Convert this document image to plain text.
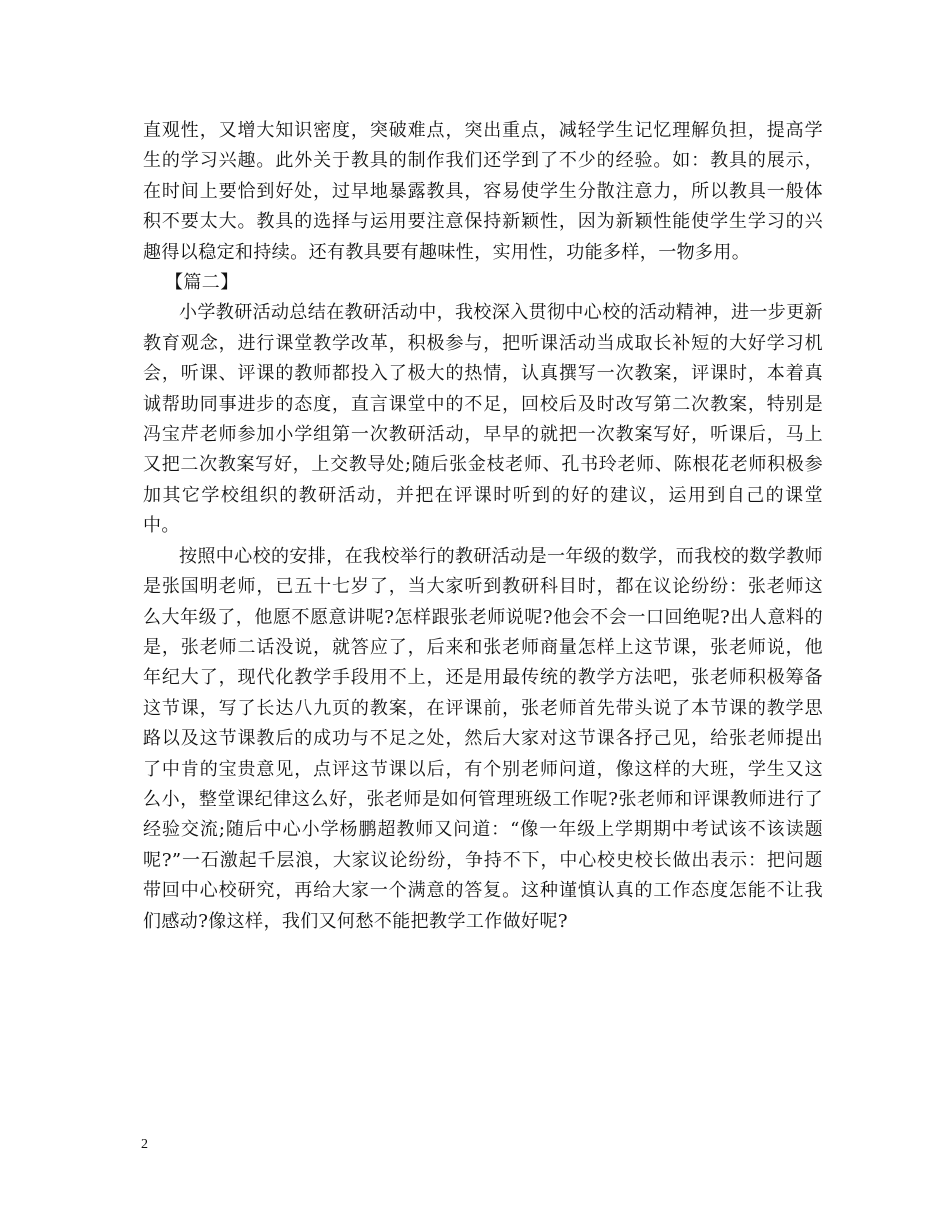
直观性，又增大知识密度，突破难点，突出重点，减轻学生记忆理解负担，提高学生的学习兴趣。此外关于教具的制作我们还学到了不少的经验。如：教具的展示，在时间上要恰到好处，过早地暴露教具，容易使学生分散注意力，所以教具一般体积不要太大。教具的选择与运用要注意保持新颖性，因为新颖性能使学生学习的兴趣得以稳定和持续。还有教具要有趣味性，实用性，功能多样，一物多用。

【篇二】

小学教研活动总结在教研活动中，我校深入贯彻中心校的活动精神，进一步更新教育观念，进行课堂教学改革，积极参与，把听课活动当成取长补短的大好学习机会，听课、评课的教师都投入了极大的热情，认真撰写一次教案，评课时，本着真诚帮助同事进步的态度，直言课堂中的不足，回校后及时改写第二次教案，特别是冯宝芹老师参加小学组第一次教研活动，早早的就把一次教案写好，听课后，马上又把二次教案写好，上交教导处;随后张金枝老师、孔书玲老师、陈根花老师积极参加其它学校组织的教研活动，并把在评课时听到的好的建议，运用到自己的课堂中。

按照中心校的安排，在我校举行的教研活动是一年级的数学，而我校的数学教师是张国明老师，已五十七岁了，当大家听到教研科目时，都在议论纷纷：张老师这么大年级了，他愿不愿意讲呢?怎样跟张老师说呢?他会不会一口回绝呢?出人意料的是，张老师二话没说，就答应了，后来和张老师商量怎样上这节课，张老师说，他年纪大了，现代化教学手段用不上，还是用最传统的教学方法吧，张老师积极筹备这节课，写了长达八九页的教案，在评课前，张老师首先带头说了本节课的教学思路以及这节课教后的成功与不足之处，然后大家对这节课各抒己见，给张老师提出了中肯的宝贵意见，点评这节课以后，有个别老师问道，像这样的大班，学生又这么小，整堂课纪律这么好，张老师是如何管理班级工作呢?张老师和评课教师进行了经验交流;随后中心小学杨鹏超教师又问道：“像一年级上学期期中考试该不该读题呢?”一石激起千层浪，大家议论纷纷，争持不下，中心校史校长做出表示：把问题带回中心校研究，再给大家一个满意的答复。这种谨慎认真的工作态度怎能不让我们感动?像这样，我们又何愁不能把教学工作做好呢?

2
